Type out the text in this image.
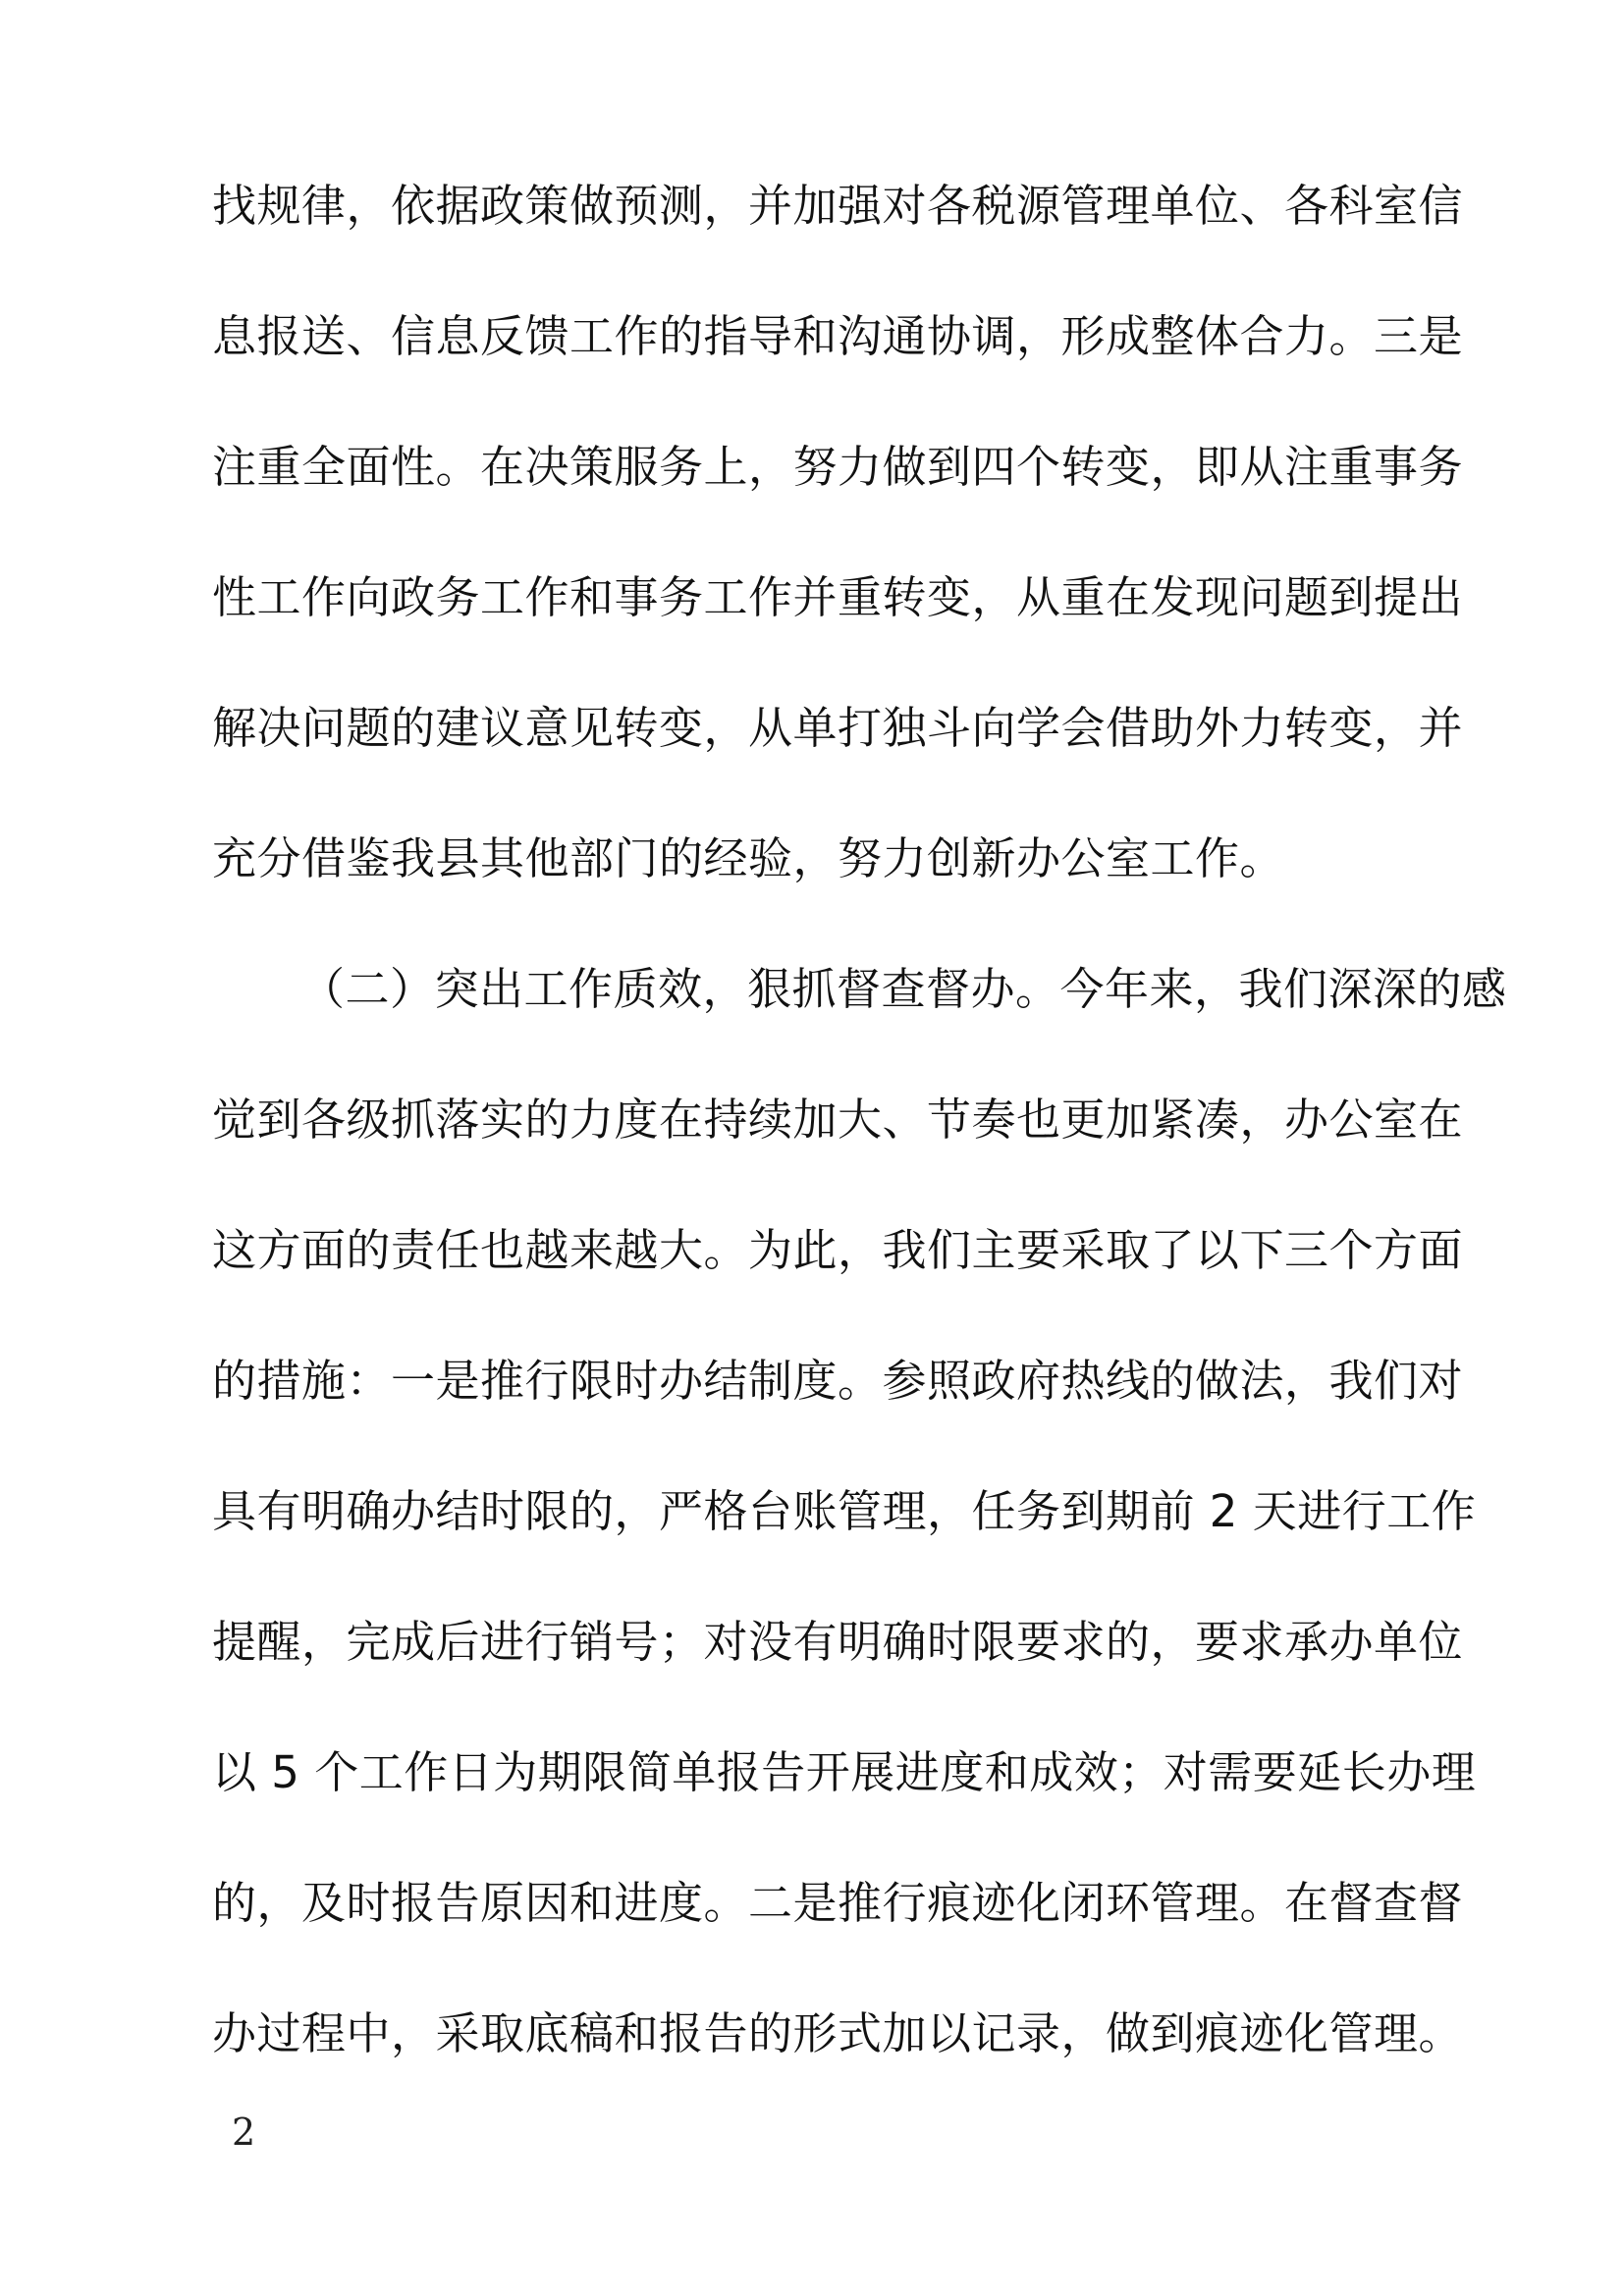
找规律，依据政策做预测，并加强对各税源管理单位、各科室信
息报送、信息反馈工作的指导和沟通协调，形成整体合力。三是
注重全面性。在决策服务上，努力做到四个转变，即从注重事务
性工作向政务工作和事务工作并重转变，从重在发现问题到提出
解决问题的建议意见转变，从单打独斗向学会借助外力转变，并
充分借鉴我县其他部门的经验，努力创新办公室工作。
（二）突出工作质效，狠抓督查督办。今年来，我们深深的感
觉到各级抓落实的力度在持续加大、节奏也更加紧凑，办公室在
这方面的责任也越来越大。为此，我们主要采取了以下三个方面
的措施：一是推行限时办结制度。参照政府热线的做法，我们对
具有明确办结时限的，严格台账管理，任务到期前 2 天进行工作
提醒，完成后进行销号；对没有明确时限要求的，要求承办单位
以 5 个工作日为期限简单报告开展进度和成效；对需要延长办理
的，及时报告原因和进度。二是推行痕迹化闭环管理。在督查督
办过程中，采取底稿和报告的形式加以记录，做到痕迹化管理。
2
